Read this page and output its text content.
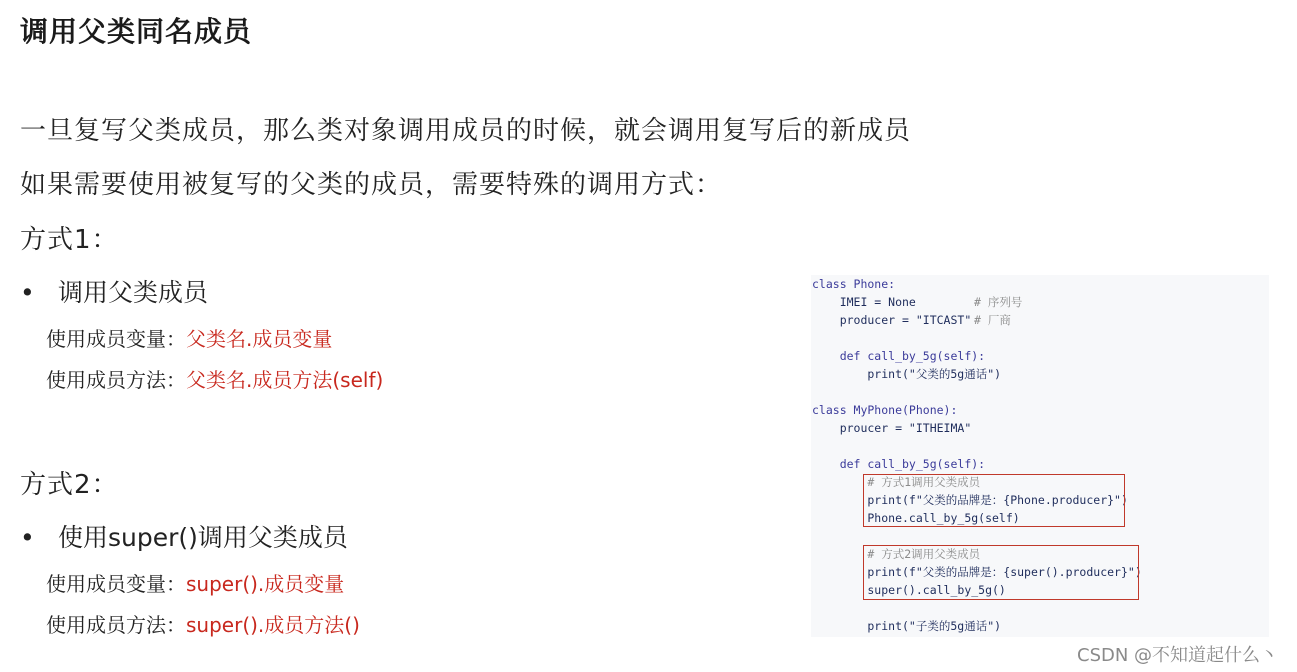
调用父类同名成员
一旦复写父类成员，那么类对象调用成员的时候，就会调用复写后的新成员
如果需要使用被复写的父类的成员，需要特殊的调用方式：
方式1：
• 调用父类成员
使用成员变量：父类名.成员变量
使用成员方法：父类名.成员方法(self)
方式2：
• 使用super()调用父类成员
使用成员变量：super().成员变量
使用成员方法：super().成员方法()
class Phone:
IMEI = None	# 序列号
producer = "ITCAST" # 厂商
def call_by_5g(self):
print("父类的5g通话")
class MyPhone(Phone):
proucer = "ITHEIMA"
def call_by_5g(self):
# 方式1调用父类成员
print(f"父类的品牌是：{Phone.producer}")
Phone.call_by_5g(self)
# 方式2调用父类成员
print(f"父类的品牌是：{super().producer}")
super().call_by_5g()
print("子类的5g通话")
CSDN @不知道起什么丶
